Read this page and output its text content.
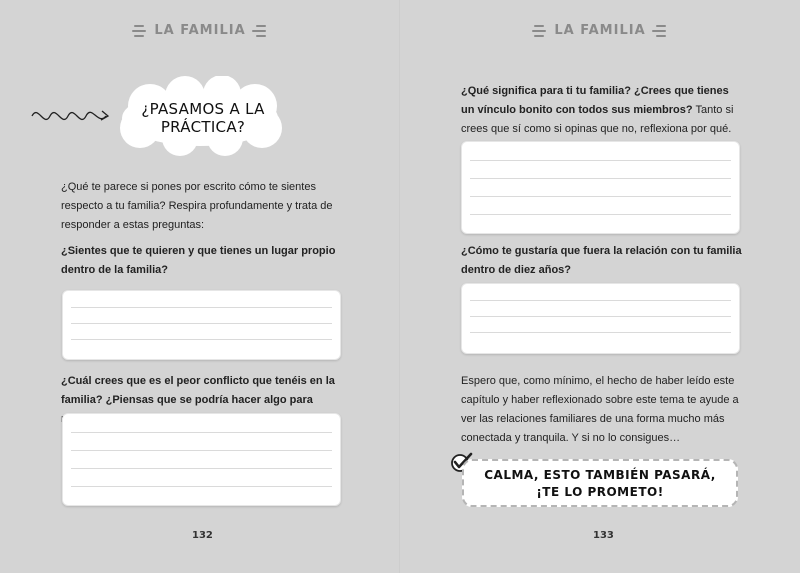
LA FAMILIA
¿PASAMOS A LA PRÁCTICA?
¿Qué te parece si pones por escrito cómo te sientes respecto a tu familia? Respira profundamente y trata de responder a estas preguntas:
¿Sientes que te quieren y que tienes un lugar propio dentro de la familia?
¿Cuál crees que es el peor conflicto que tenéis en la familia? ¿Piensas que se podría hacer algo para
132
LA FAMILIA
¿Qué significa para ti tu familia? ¿Crees que tienes un vínculo bonito con todos sus miembros? Tanto si crees que sí como si opinas que no, reflexiona por qué.
¿Cómo te gustaría que fuera la relación con tu familia dentro de diez años?
Espero que, como mínimo, el hecho de haber leído este capítulo y haber reflexionado sobre este tema te ayude a ver las relaciones familiares de una forma mucho más conectada y tranquila. Y si no lo consigues…
CALMA, ESTO TAMBIÉN PASARÁ,
¡TE LO PROMETO!
133
